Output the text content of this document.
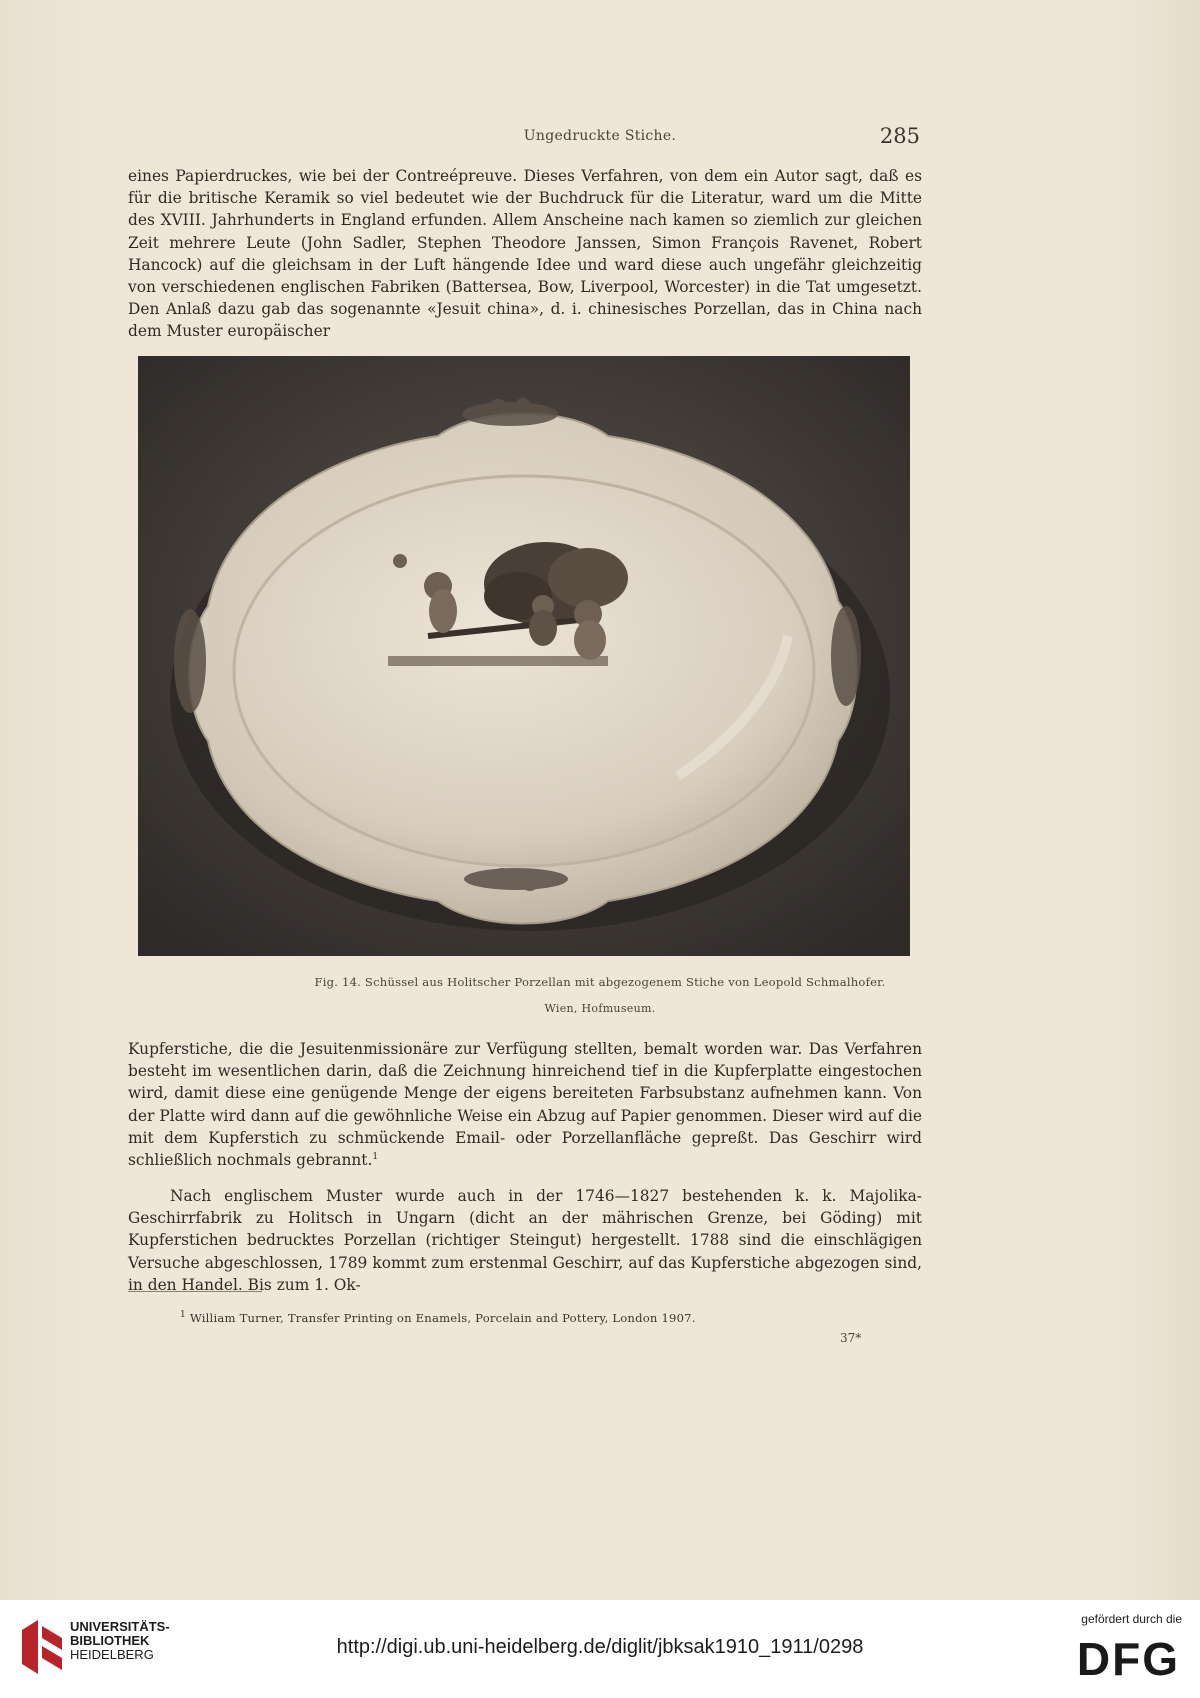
Ungedruckte Stiche.	285

eines Papierdruckes, wie bei der Contreépreuve. Dieses Verfahren, von dem ein Autor sagt, daß es für die britische Keramik so viel bedeutet wie der Buchdruck für die Literatur, ward um die Mitte des XVIII. Jahrhunderts in England erfunden. Allem Anscheine nach kamen so ziemlich zur gleichen Zeit mehrere Leute (John Sadler, Stephen Theodore Janssen, Simon François Ravenet, Robert Hancock) auf die gleichsam in der Luft hängende Idee und ward diese auch ungefähr gleichzeitig von verschiedenen englischen Fabriken (Battersea, Bow, Liverpool, Worcester) in die Tat umgesetzt. Den Anlaß dazu gab das sogenannte «Jesuit china», d. i. chinesisches Porzellan, das in China nach dem Muster europäischer

Fig. 14. Schüssel aus Holitscher Porzellan mit abgezogenem Stiche von Leopold Schmalhofer.
Wien, Hofmuseum.

Kupferstiche, die die Jesuitenmissionäre zur Verfügung stellten, bemalt worden war. Das Verfahren besteht im wesentlichen darin, daß die Zeichnung hinreichend tief in die Kupferplatte eingestochen wird, damit diese eine genügende Menge der eigens bereiteten Farbsubstanz aufnehmen kann. Von der Platte wird dann auf die gewöhnliche Weise ein Abzug auf Papier genommen. Dieser wird auf die mit dem Kupferstich zu schmückende Email- oder Porzellanfläche gepreßt. Das Geschirr wird schließlich nochmals gebrannt.$^1$

Nach englischem Muster wurde auch in der 1746—1827 bestehenden k. k. Majolika-Geschirrfabrik zu Holitsch in Ungarn (dicht an der mährischen Grenze, bei Göding) mit Kupferstichen bedrucktes Porzellan (richtiger Steingut) hergestellt. 1788 sind die einschlägigen Versuche abgeschlossen, 1789 kommt zum erstenmal Geschirr, auf das Kupferstiche abgezogen sind, in den Handel. Bis zum 1. Ok-

$^1$ William Turner, Transfer Printing on Enamels, Porcelain and Pottery, London 1907.
37*
UNIVERSITÄTS-
BIBLIOTHEK
HEIDELBERG	http://digi.ub.uni-heidelberg.de/diglit/jbksak1910_1911/0298
gefördert durch die
DFG
